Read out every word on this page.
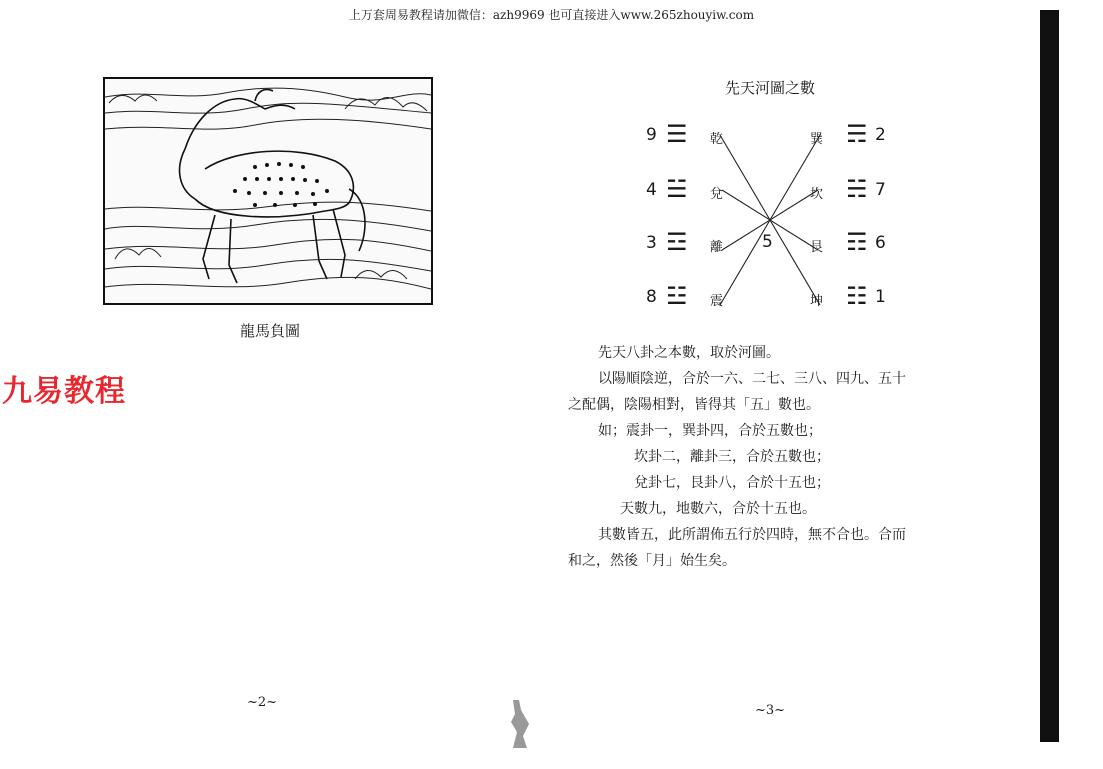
上万套周易教程请加微信：azh9969 也可直接进入www.265zhouyiw.com
龍馬負圖
九易教程
~2~
先天河圖之數
9 ☰ 乾
4 ☱ 兌
3 ☲ 離
8 ☳ 震
5
巽 ☴ 2
坎 ☵ 7
艮 ☶ 6
坤 ☷ 1
先天八卦之本數，取於河圖。
以陽順陰逆，合於一六、二七、三八、四九、五十
之配偶，陰陽相對，皆得其「五」數也。
如；震卦一，巽卦四，合於五數也；
坎卦二，離卦三，合於五數也；
兌卦七，艮卦八，合於十五也；
天數九，地數六，合於十五也。
其數皆五，此所謂佈五行於四時，無不合也。合而
和之，然後「月」始生矣。
~3~
